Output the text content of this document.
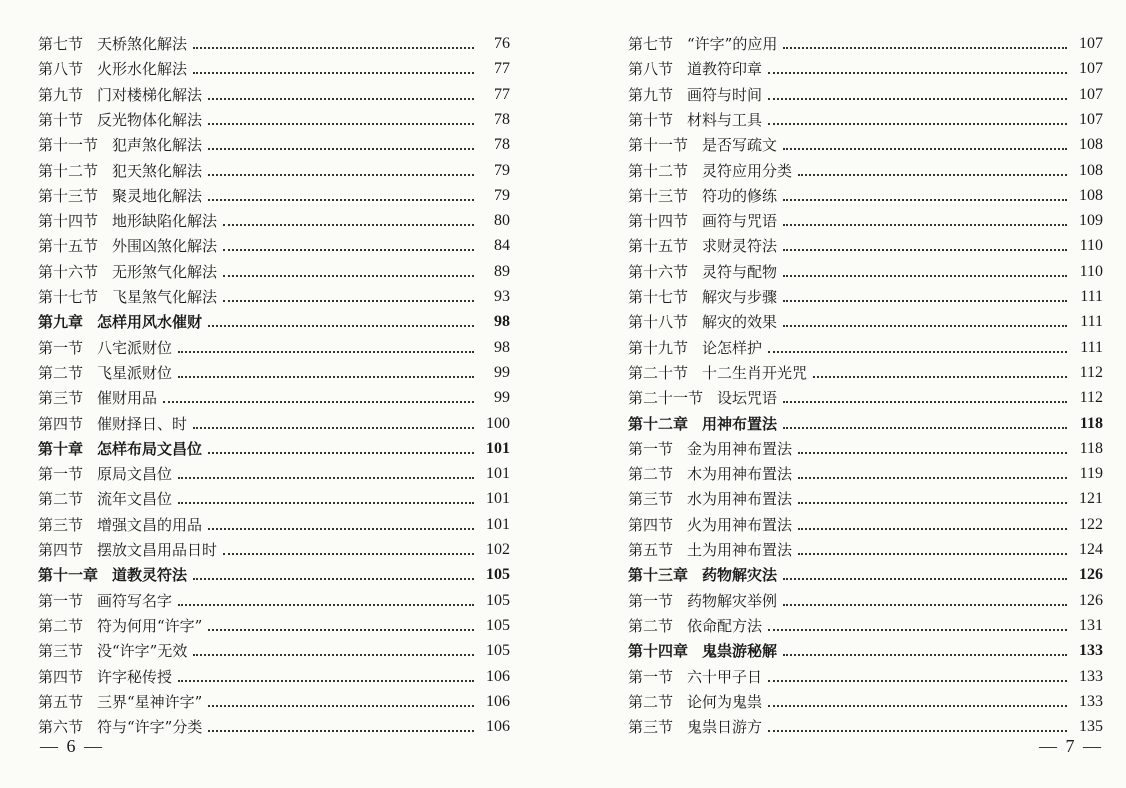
第七节 天桥煞化解法	76
第八节 火形水化解法	77
第九节 门对楼梯化解法	77
第十节 反光物体化解法	78
第十一节 犯声煞化解法	78
第十二节 犯天煞化解法	79
第十三节 聚灵地化解法	79
第十四节 地形缺陷化解法	80
第十五节 外围凶煞化解法	84
第十六节 无形煞气化解法	89
第十七节 飞星煞气化解法	93
第九章 怎样用风水催财	98
第一节 八宅派财位	98
第二节 飞星派财位	99
第三节 催财用品	99
第四节 催财择日、时	100
第十章 怎样布局文昌位	101
第一节 原局文昌位	101
第二节 流年文昌位	101
第三节 增强文昌的用品	101
第四节 摆放文昌用品日时	102
第十一章 道教灵符法	105
第一节 画符写名字	105
第二节 符为何用“许字”	105
第三节 没“许字”无效	105
第四节 许字秘传授	106
第五节 三界“星神许字”	106
第六节 符与“许字”分类	106
— 6 —
第七节 “许字”的应用	107
第八节 道教符印章	107
第九节 画符与时间	107
第十节 材料与工具	107
第十一节 是否写疏文	108
第十二节 灵符应用分类	108
第十三节 符功的修练	108
第十四节 画符与咒语	109
第十五节 求财灵符法	110
第十六节 灵符与配物	110
第十七节 解灾与步骤	111
第十八节 解灾的效果	111
第十九节 论怎样护	111
第二十节 十二生肖开光咒	112
第二十一节 设坛咒语	112
第十二章 用神布置法	118
第一节 金为用神布置法	118
第二节 木为用神布置法	119
第三节 水为用神布置法	121
第四节 火为用神布置法	122
第五节 土为用神布置法	124
第十三章 药物解灾法	126
第一节 药物解灾举例	126
第二节 依命配方法	131
第十四章 鬼祟游秘解	133
第一节 六十甲子日	133
第二节 论何为鬼祟	133
第三节 鬼祟日游方	135
— 7 —
